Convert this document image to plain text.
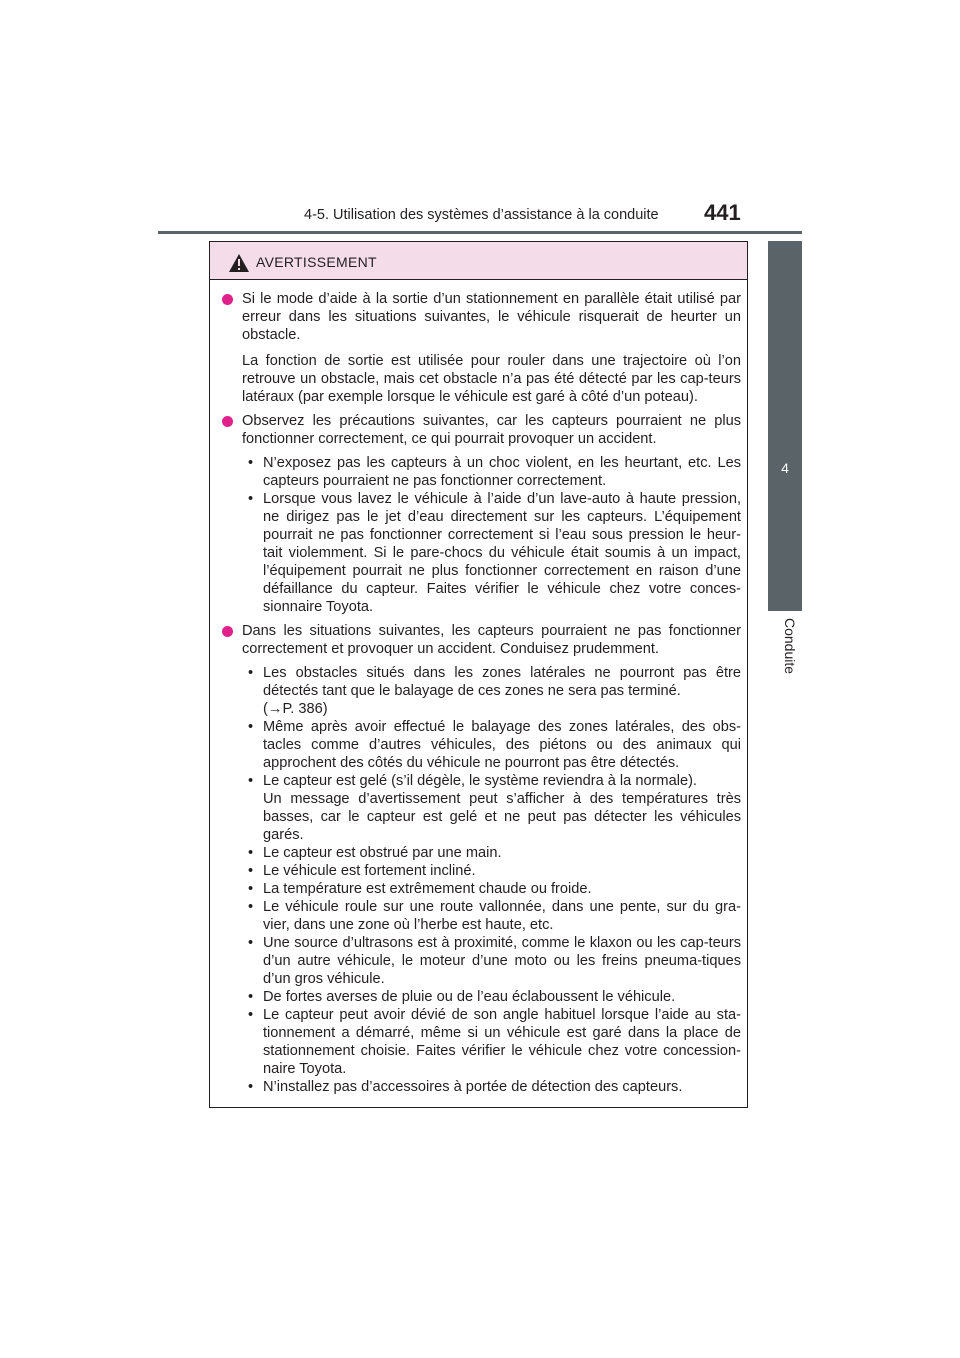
4-5. Utilisation des systèmes d’assistance à la conduite 441
4
Conduite
AVERTISSEMENT

Si le mode d’aide à la sortie d’un stationnement en parallèle était utilisé par erreur dans les situations suivantes, le véhicule risquerait de heurter un obstacle.

La fonction de sortie est utilisée pour rouler dans une trajectoire où l’on retrouve un obstacle, mais cet obstacle n’a pas été détecté par les cap-teurs latéraux (par exemple lorsque le véhicule est garé à côté d’un poteau).

Observez les précautions suivantes, car les capteurs pourraient ne plus fonctionner correctement, ce qui pourrait provoquer un accident.

• N’exposez pas les capteurs à un choc violent, en les heurtant, etc. Les capteurs pourraient ne pas fonctionner correctement.
• Lorsque vous lavez le véhicule à l’aide d’un lave-auto à haute pression, ne dirigez pas le jet d’eau directement sur les capteurs. L’équipement pourrait ne pas fonctionner correctement si l’eau sous pression le heur-tait violemment. Si le pare-chocs du véhicule était soumis à un impact, l’équipement pourrait ne plus fonctionner correctement en raison d’une défaillance du capteur. Faites vérifier le véhicule chez votre conces-sionnaire Toyota.

Dans les situations suivantes, les capteurs pourraient ne pas fonctionner correctement et provoquer un accident. Conduisez prudemment.

• Les obstacles situés dans les zones latérales ne pourront pas être détectés tant que le balayage de ces zones ne sera pas terminé.
(→P. 386)
• Même après avoir effectué le balayage des zones latérales, des obs-tacles comme d’autres véhicules, des piétons ou des animaux qui approchent des côtés du véhicule ne pourront pas être détectés.
• Le capteur est gelé (s’il dégèle, le système reviendra à la normale).
Un message d’avertissement peut s’afficher à des températures très basses, car le capteur est gelé et ne peut pas détecter les véhicules garés.
• Le capteur est obstrué par une main.
• Le véhicule est fortement incliné.
• La température est extrêmement chaude ou froide.
• Le véhicule roule sur une route vallonnée, dans une pente, sur du gra-vier, dans une zone où l’herbe est haute, etc.
• Une source d’ultrasons est à proximité, comme le klaxon ou les cap-teurs d’un autre véhicule, le moteur d’une moto ou les freins pneuma-tiques d’un gros véhicule.
• De fortes averses de pluie ou de l’eau éclaboussent le véhicule.
• Le capteur peut avoir dévié de son angle habituel lorsque l’aide au sta-tionnement a démarré, même si un véhicule est garé dans la place de stationnement choisie. Faites vérifier le véhicule chez votre concession-naire Toyota.
• N’installez pas d’accessoires à portée de détection des capteurs.
